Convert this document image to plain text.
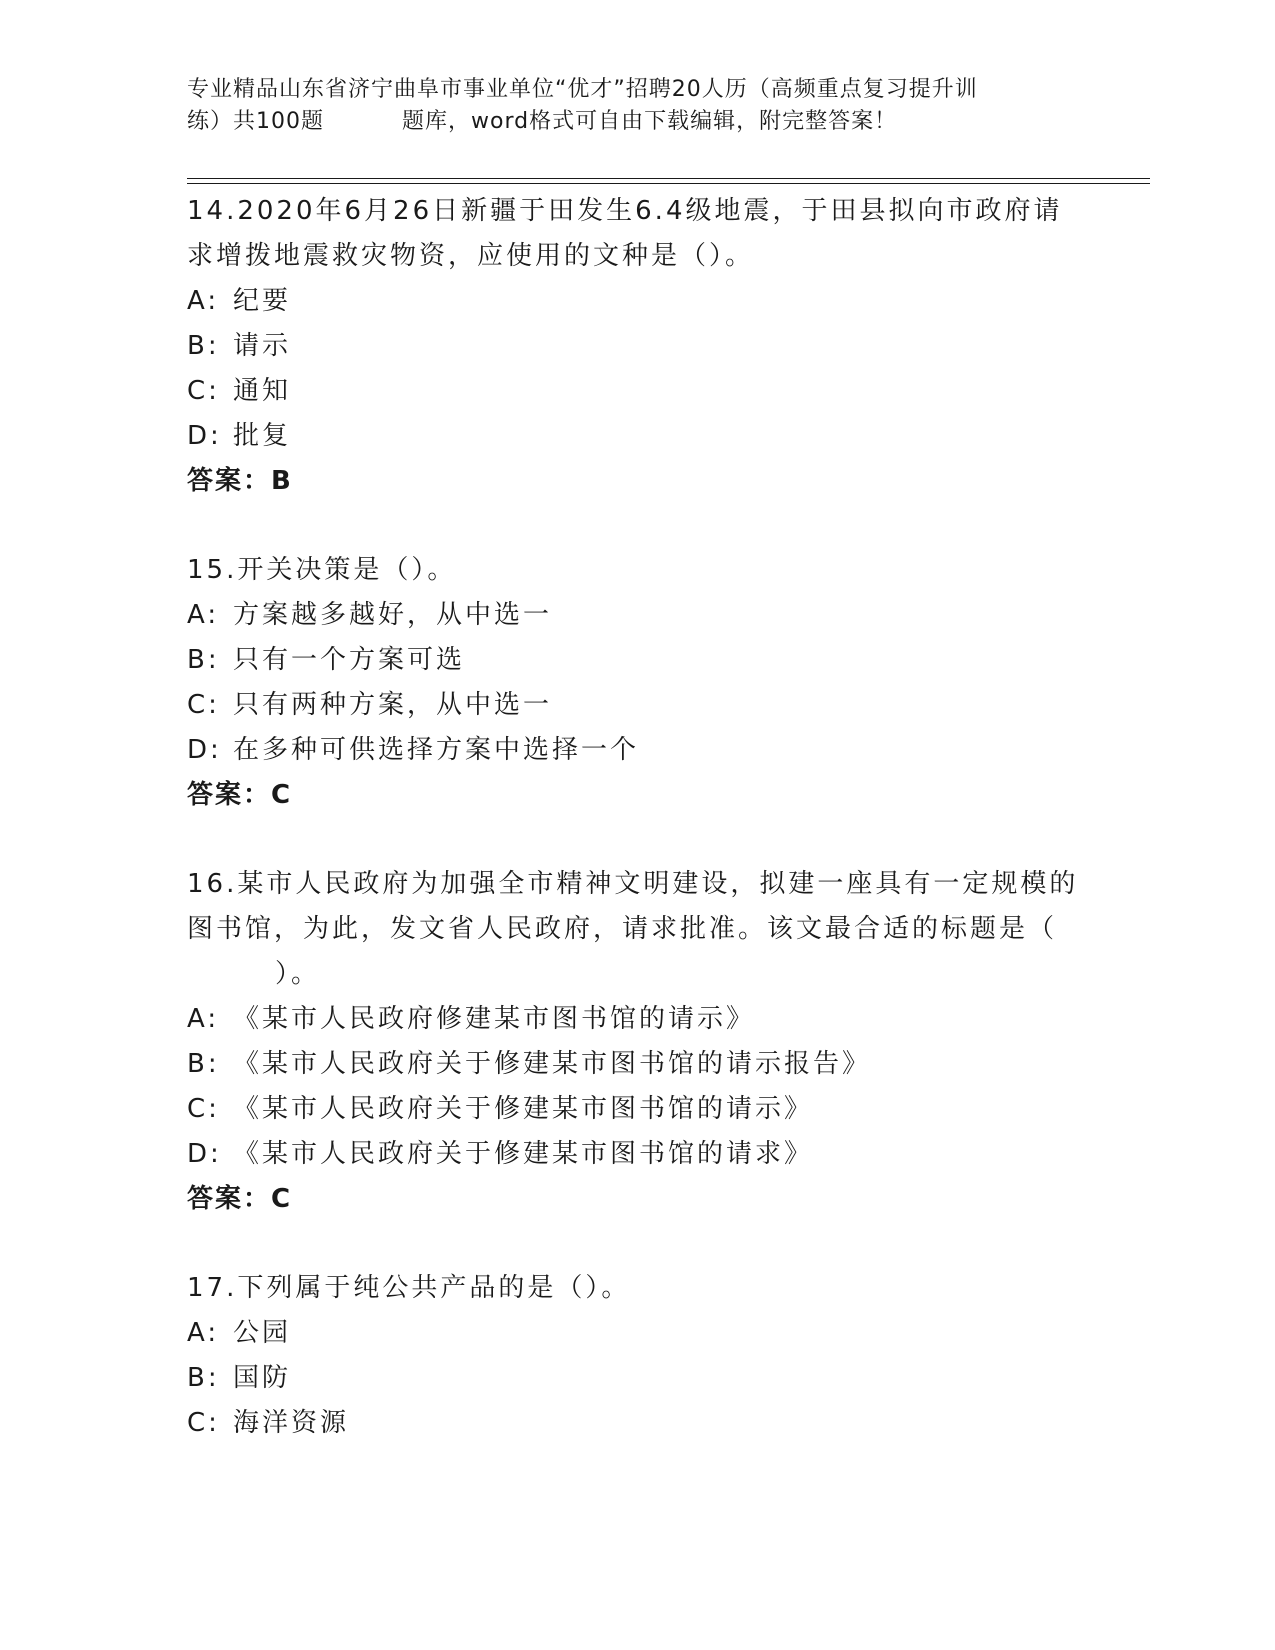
专业精品山东省济宁曲阜市事业单位“优才”招聘20人历（高频重点复习提升训
练）共100题	题库，word格式可自由下载编辑，附完整答案！

14.2020年6月26日新疆于田发生6.4级地震，于田县拟向市政府请
求增拨地震救灾物资，应使用的文种是（）。

A: 纪要
B: 请示
C: 通知
D: 批复
答案：B

15.开关决策是（）。

A: 方案越多越好，从中选一
B: 只有一个方案可选
C: 只有两种方案，从中选一
D: 在多种可供选择方案中选择一个
答案：C

16.某市人民政府为加强全市精神文明建设，拟建一座具有一定规模的
图书馆，为此，发文省人民政府，请求批准。该文最合适的标题是（
）。

A: 《某市人民政府修建某市图书馆的请示》
B: 《某市人民政府关于修建某市图书馆的请示报告》
C: 《某市人民政府关于修建某市图书馆的请示》
D: 《某市人民政府关于修建某市图书馆的请求》
答案：C

17.下列属于纯公共产品的是（）。

A: 公园
B: 国防
C: 海洋资源
